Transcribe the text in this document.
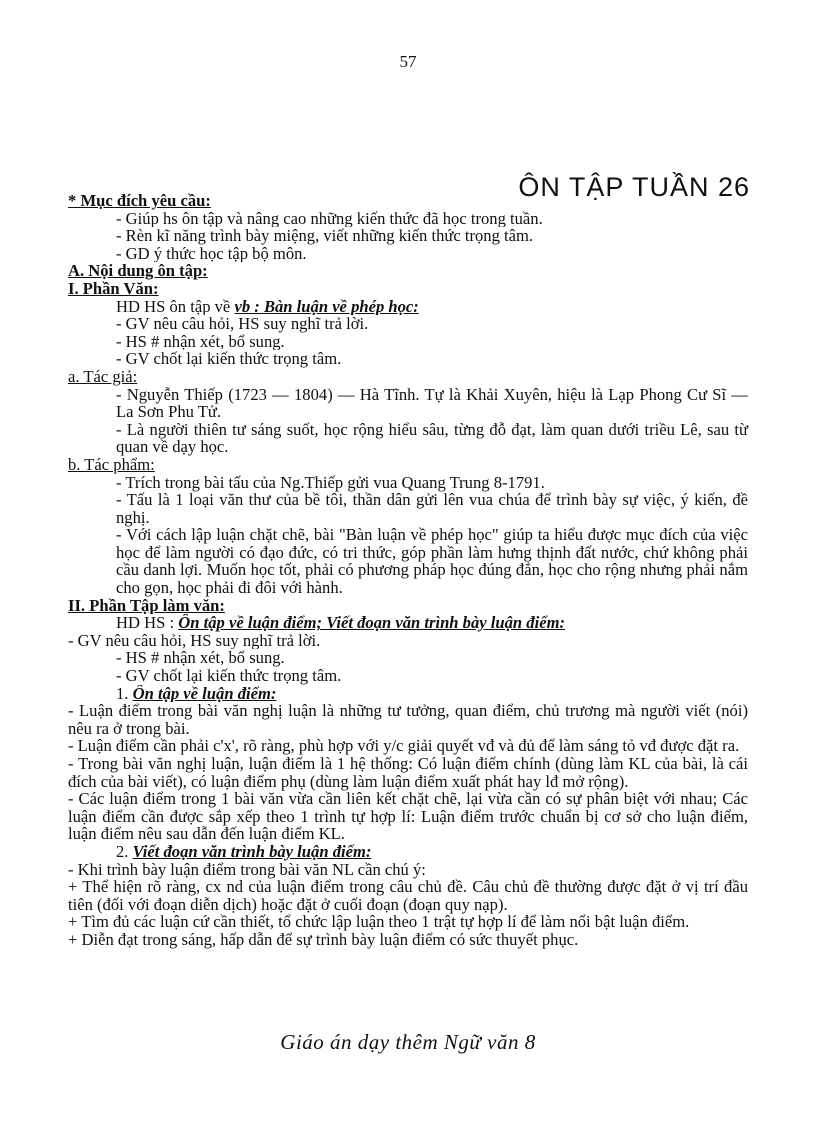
57
ÔN TẬP TUẦN 26
* Mục đích yêu cầu:
- Giúp hs ôn tập và nâng cao những kiến thức đã học trong tuần.
- Rèn kĩ năng trình bày miệng, viết những kiến thức trọng tâm.
- GD ý thức học tập bộ môn.
A. Nội dung ôn tập:
I. Phần Văn:
HD HS ôn tập về vb : Bàn luận về phép học:
- GV nêu câu hỏi, HS suy nghĩ trả lời.
- HS # nhận xét, bổ sung.
- GV chốt lại kiến thức trọng tâm.
a. Tác giả:
- Nguyễn Thiếp (1723 — 1804) — Hà Tĩnh. Tự là Khải Xuyên, hiệu là Lạp Phong Cư Sĩ — La Sơn Phu Tử.
- Là người thiên tư sáng suốt, học rộng hiểu sâu, từng đỗ đạt, làm quan dưới triều Lê, sau từ quan về dạy học.
b. Tác phẩm:
- Trích trong bài tấu của Ng.Thiếp gửi vua Quang Trung 8-1791.
- Tấu là 1 loại văn thư của bề tôi, thần dân gửi lên vua chúa để trình bày sự việc, ý kiến, đề nghị.
- Với cách lập luận chặt chẽ, bài "Bàn luận về phép học" giúp ta hiểu được mục đích của việc học để làm người có đạo đức, có tri thức, góp phần làm hưng thịnh đất nước, chứ không phải cầu danh lợi. Muốn học tốt, phải có phương pháp học đúng đắn, học cho rộng nhưng phải nắm cho gọn, học phải đi đôi với hành.
II. Phần Tập làm văn:
HD HS : Ôn tập về luận điểm; Viết đoạn văn trình bày luận điểm:
- GV nêu câu hỏi, HS suy nghĩ trả lời.
- HS # nhận xét, bổ sung.
- GV chốt lại kiến thức trọng tâm.
1. Ôn tập về luận điểm:
- Luận điểm trong bài văn nghị luận là những tư tưởng, quan điểm, chủ trương mà người viết (nói) nêu ra ở trong bài.
- Luận điểm cần phải c'x', rõ ràng, phù hợp với y/c giải quyết vđ và đủ để làm sáng tỏ vđ được đặt ra.
- Trong bài văn nghị luận, luận điểm là 1 hệ thống: Có luận điểm chính (dùng làm KL của bài, là cái đích của bài viết), có luận điểm phụ (dùng làm luận điểm xuất phát hay lđ mở rộng).
- Các luận điểm trong 1 bài văn vừa cần liên kết chặt chẽ, lại vừa cần có sự phân biệt với nhau; Các luận điểm cần được sắp xếp theo 1 trình tự hợp lí: Luận điểm trước chuẩn bị cơ sở cho luận điểm, luận điểm nêu sau dẫn đến luận điểm KL.
2. Viết đoạn văn trình bày luận điểm:
- Khi trình bày luận điểm trong bài văn NL cần chú ý:
+ Thể hiện rõ ràng, cx nd của luận điểm trong câu chủ đề. Câu chủ đề thường được đặt ở vị trí đầu tiên (đối với đoạn diễn dịch) hoặc đặt ở cuối đoạn (đoạn quy nạp).
+ Tìm đủ các luận cứ cần thiết, tổ chức lập luận theo 1 trật tự hợp lí để làm nổi bật luận điểm.
+ Diễn đạt trong sáng, hấp dẫn để sự trình bày luận điểm có sức thuyết phục.
Giáo án dạy thêm Ngữ văn 8
